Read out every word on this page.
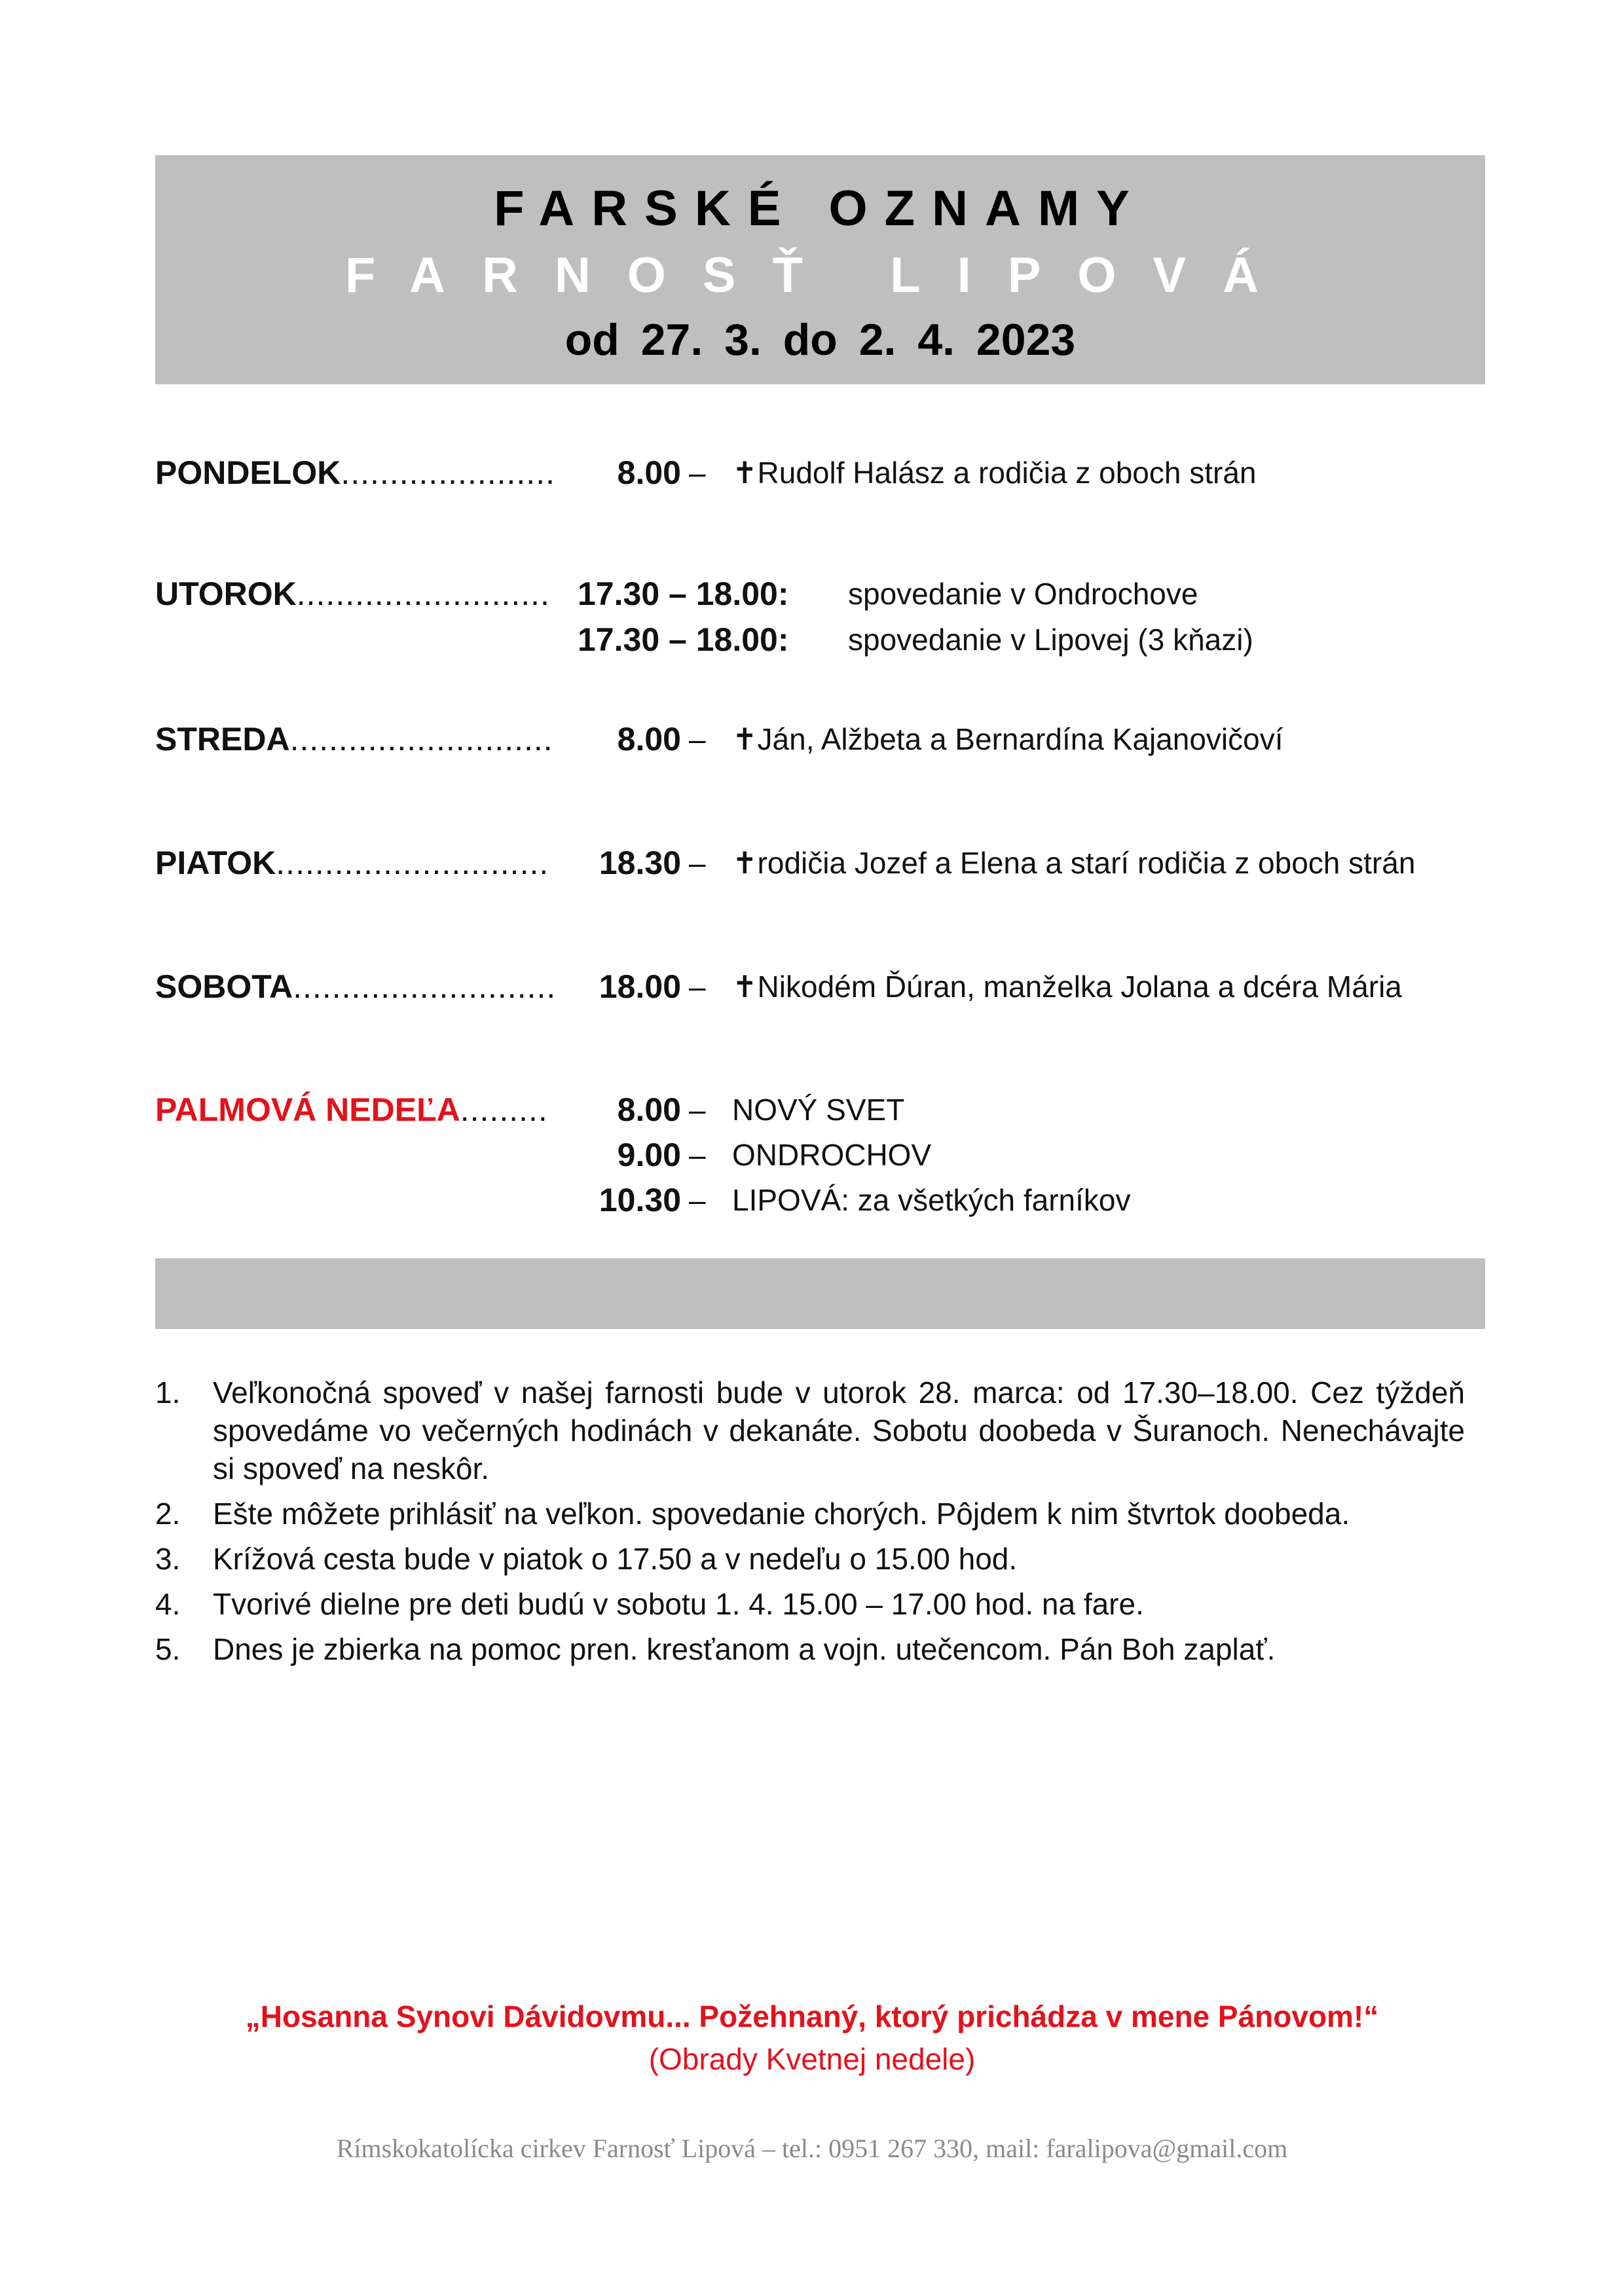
FARSKÉ OZNAMY
FARNOSŤ LIPOVÁ
od 27. 3. do 2. 4. 2023
PONDELOK......................	8.00 – ✝Rudolf Halász a rodičia z oboch strán
UTOROK.......................... 17.30 – 18.00:	spovedanie v Ondrochove
17.30 – 18.00:	spovedanie v Lipovej (3 kňazi)
STREDA...........................	8.00 – ✝Ján, Alžbeta a Bernardína Kajanovičoví
PIATOK............................	18.30 – ✝rodičia Jozef a Elena a starí rodičia z oboch strán
SOBOTA...........................	18.00 – ✝Nikodém Ďúran, manželka Jolana a dcéra Mária
PALMOVÁ NEDEĽA.........	8.00 – NOVÝ SVET
9.00 – ONDROCHOV
10.30 – LIPOVÁ: za všetkých farníkov
1. Veľkonočná spoveď v našej farnosti bude v utorok 28. marca: od 17.30–18.00. Cez týždeň spovedáme vo večerných hodinách v dekanáte. Sobotu doobeda v Šuranoch. Nenechávajte si spoveď na neskôr.
2. Ešte môžete prihlásiť na veľkon. spovedanie chorých. Pôjdem k nim štvrtok doobeda.
3. Krížová cesta bude v piatok o 17.50 a v nedeľu o 15.00 hod.
4. Tvorivé dielne pre deti budú v sobotu 1. 4. 15.00 – 17.00 hod. na fare.
5. Dnes je zbierka na pomoc pren. kresťanom a vojn. utečencom. Pán Boh zaplať.
„Hosanna Synovi Dávidovmu... Požehnaný, ktorý prichádza v mene Pánovom!“
(Obrady Kvetnej nedele)
Rímskokatolícka cirkev Farnosť Lipová – tel.: 0951 267 330, mail: faralipova@gmail.com
